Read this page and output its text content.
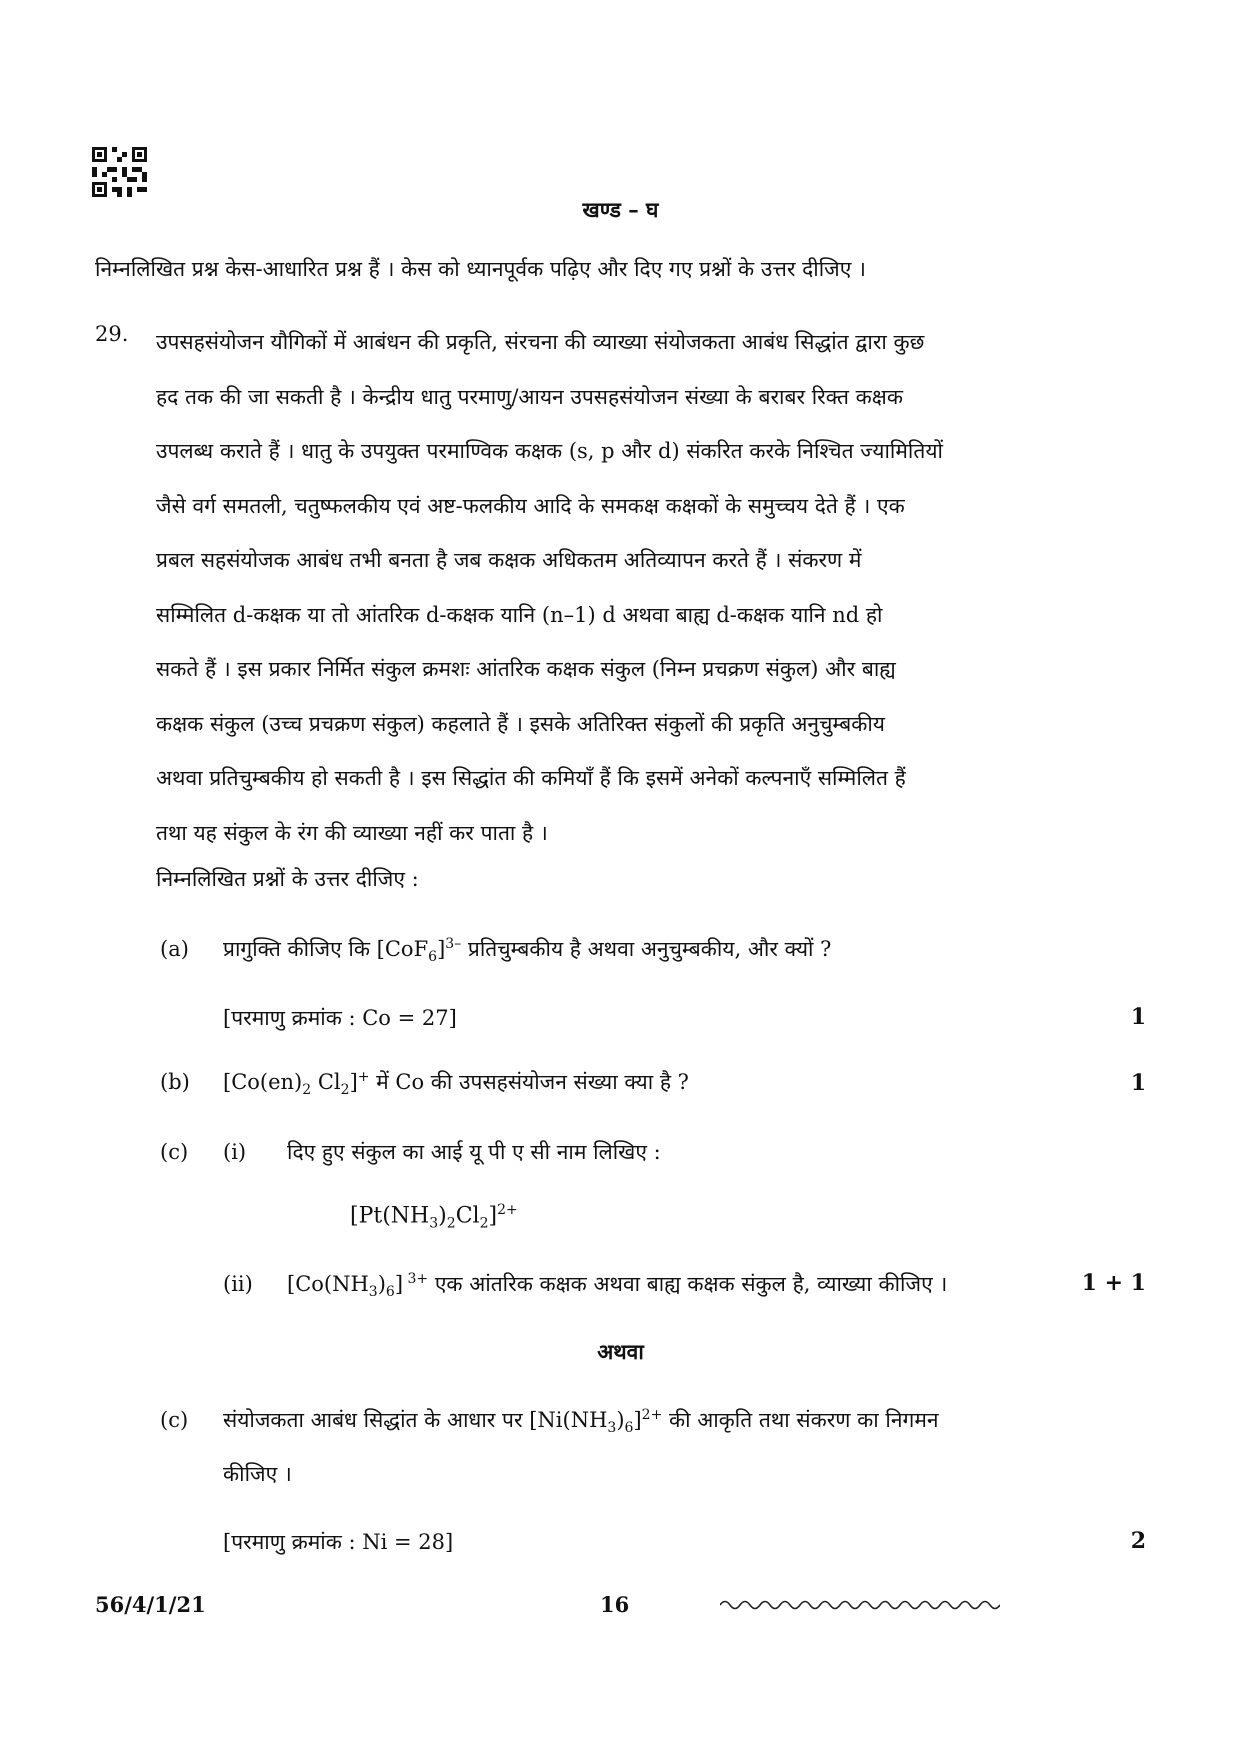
खण्ड – घ
निम्नलिखित प्रश्न केस-आधारित प्रश्न हैं । केस को ध्यानपूर्वक पढ़िए और दिए गए प्रश्नों के उत्तर दीजिए ।
29. उपसहसंयोजन यौगिकों में आबंधन की प्रकृति, संरचना की व्याख्या संयोजकता आबंध सिद्धांत द्वारा कुछ
हद तक की जा सकती है । केन्द्रीय धातु परमाणु/आयन उपसहसंयोजन संख्या के बराबर रिक्त कक्षक
उपलब्ध कराते हैं । धातु के उपयुक्त परमाण्विक कक्षक (s, p और d) संकरित करके निश्चित ज्यामितियों
जैसे वर्ग समतली, चतुष्फलकीय एवं अष्ट-फलकीय आदि के समकक्ष कक्षकों के समुच्चय देते हैं । एक
प्रबल सहसंयोजक आबंध तभी बनता है जब कक्षक अधिकतम अतिव्यापन करते हैं । संकरण में
सम्मिलित d-कक्षक या तो आंतरिक d-कक्षक यानि (n–1) d अथवा बाह्य d-कक्षक यानि nd हो
सकते हैं । इस प्रकार निर्मित संकुल क्रमशः आंतरिक कक्षक संकुल (निम्न प्रचक्रण संकुल) और बाह्य
कक्षक संकुल (उच्च प्रचक्रण संकुल) कहलाते हैं । इसके अतिरिक्त संकुलों की प्रकृति अनुचुम्बकीय
अथवा प्रतिचुम्बकीय हो सकती है । इस सिद्धांत की कमियाँ हैं कि इसमें अनेकों कल्पनाएँ सम्मिलित हैं
तथा यह संकुल के रंग की व्याख्या नहीं कर पाता है ।
निम्नलिखित प्रश्नों के उत्तर दीजिए :
(a) प्रागुक्ति कीजिए कि $[CoF_6]^{3-}$ प्रतिचुम्बकीय है अथवा अनुचुम्बकीय, और क्यों ?
[परमाणु क्रमांक : Co = 27]	1
(b) [$Co(en)_2$ $Cl_2]^+$ में Co की उपसहसंयोजन संख्या क्या है ?	1
(c) (i) दिए हुए संकुल का आई यू पी ए सी नाम लिखिए :
$[Pt(NH_3)_2Cl_2]^{2+}$
(ii) $[Co(NH_3)_6]$ $^{3+}$ एक आंतरिक कक्षक अथवा बाह्य कक्षक संकुल है, व्याख्या कीजिए ।	1 + 1
अथवा
(c) संयोजकता आबंध सिद्धांत के आधार पर $[Ni(NH_3)_6]^{2+}$ की आकृति तथा संकरण का निगमन
कीजिए ।
[परमाणु क्रमांक : Ni = 28]	2
56/4/1/21	16
